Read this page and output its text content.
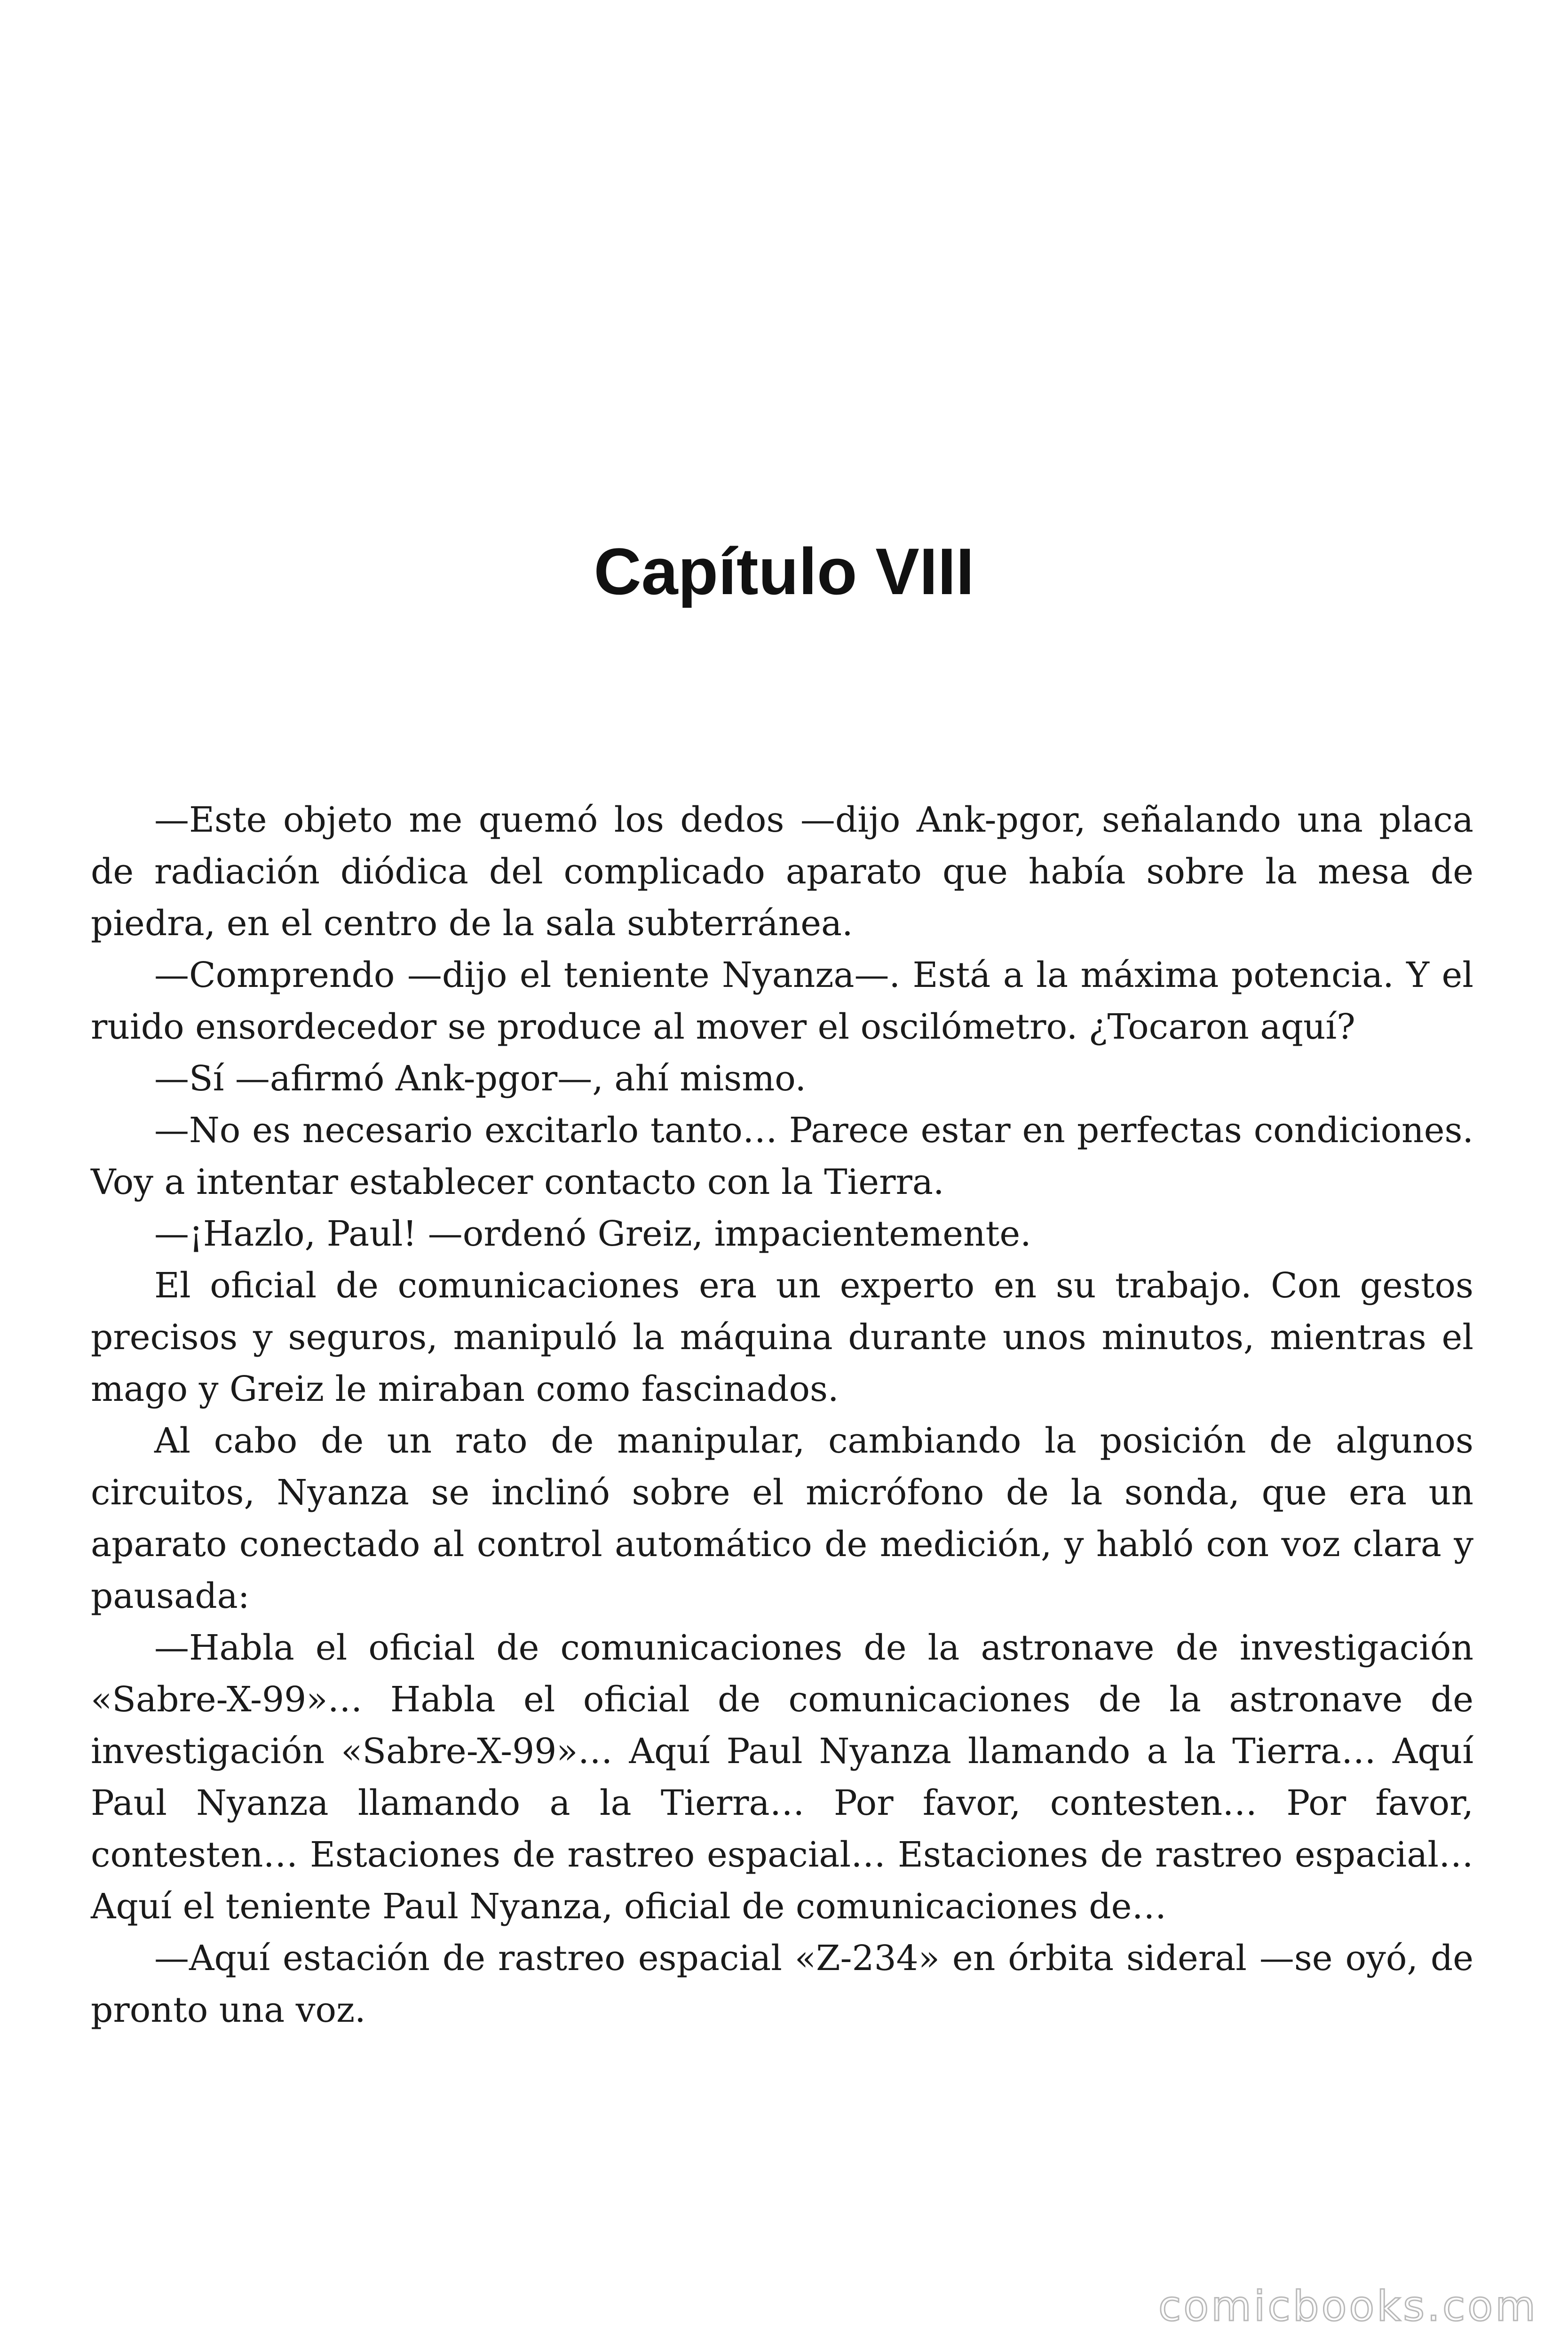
Capítulo VIII

—Este objeto me quemó los dedos —dijo Ank-pgor, señalando una placa de radiación diódica del complicado aparato que había sobre la mesa de piedra, en el centro de la sala subterránea.

—Comprendo —dijo el teniente Nyanza—. Está a la máxima potencia. Y el ruido ensordecedor se produce al mover el oscilómetro. ¿Tocaron aquí?

—Sí —afirmó Ank-pgor—, ahí mismo.

—No es necesario excitarlo tanto… Parece estar en perfectas condiciones. Voy a intentar establecer contacto con la Tierra.

—¡Hazlo, Paul! —ordenó Greiz, impacientemente.

El oficial de comunicaciones era un experto en su trabajo. Con gestos precisos y seguros, manipuló la máquina durante unos minutos, mientras el mago y Greiz le miraban como fascinados.

Al cabo de un rato de manipular, cambiando la posición de algunos circuitos, Nyanza se inclinó sobre el micrófono de la sonda, que era un aparato conectado al control automático de medición, y habló con voz clara y pausada:

—Habla el oficial de comunicaciones de la astronave de investigación «Sabre-X-99»… Habla el oficial de comunicaciones de la astronave de investigación «Sabre-X-99»… Aquí Paul Nyanza llamando a la Tierra… Aquí Paul Nyanza llamando a la Tierra… Por favor, contesten… Por favor, contesten… Estaciones de rastreo espacial… Estaciones de rastreo espacial… Aquí el teniente Paul Nyanza, oficial de comunicaciones de…

—Aquí estación de rastreo espacial «Z-234» en órbita sideral —se oyó, de pronto una voz.

comicbooks.com
